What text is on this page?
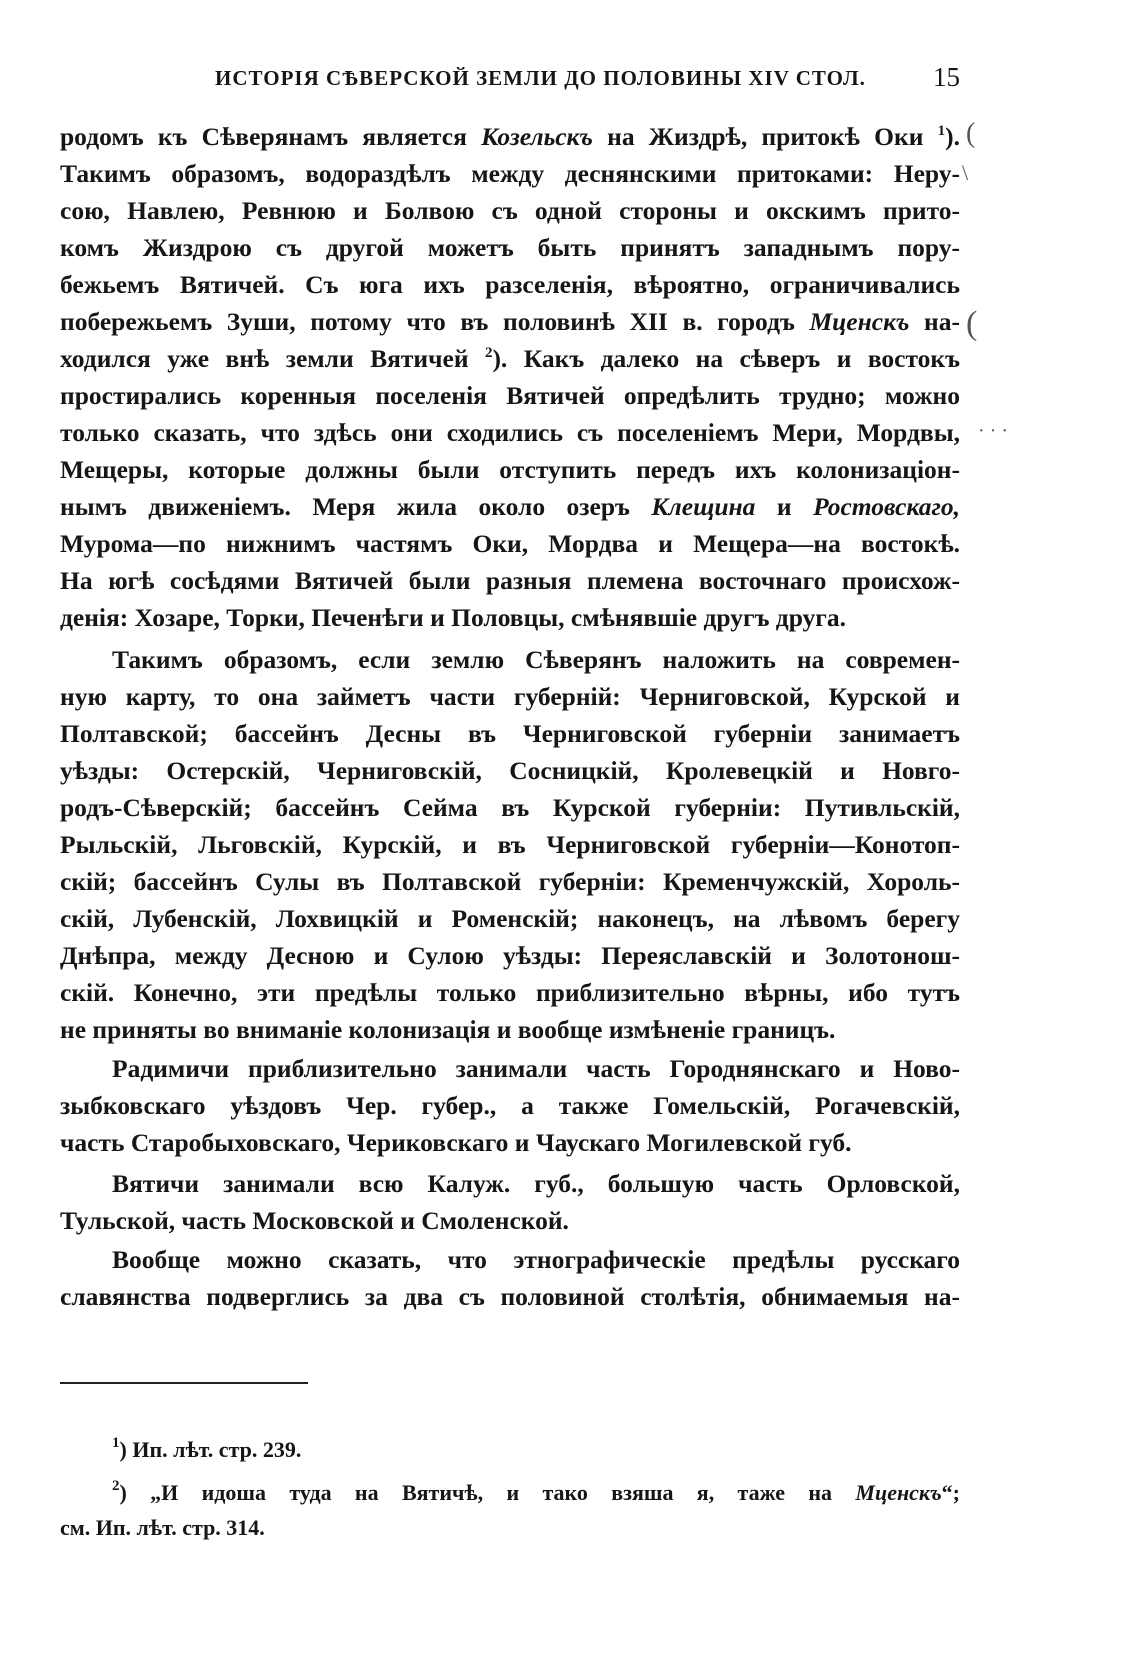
ИСТОРІЯ СѢВЕРСКОЙ ЗЕМЛИ ДО ПОЛОВИНЫ XIV СТОЛ. 15
родомъ къ Сѣверянамъ является Козельскъ на Жиздрѣ, притокѣ Оки $^1$).
Такимъ образомъ, водораздѣлъ между деснянскими притоками: Неру-
сою, Навлею, Ревнюю и Болвою съ одной стороны и окскимъ прито-
комъ Жиздрою съ другой можетъ быть принятъ западнымъ пору-
бежьемъ Вятичей. Съ юга ихъ разселенія, вѣроятно, ограничивались
побережьемъ Зуши, потому что въ половинѣ XII в. городъ Мценскъ на-
ходился уже внѣ земли Вятичей $^2$). Какъ далеко на сѣверъ и востокъ
простирались коренныя поселенія Вятичей опредѣлить трудно; можно
только сказать, что здѣсь они сходились съ поселеніемъ Мери, Мордвы,
Мещеры, которые должны были отступить передъ ихъ колонизаціон-
нымъ движеніемъ. Меря жила около озеръ Клещина и Ростовскаго,
Мурома—по нижнимъ частямъ Оки, Мордва и Мещера—на востокѣ.
На югѣ сосѣдями Вятичей были разныя племена восточнаго происхож-
денія: Хозаре, Торки, Печенѣги и Половцы, смѣнявшіе другъ друга.
Такимъ образомъ, если землю Сѣверянъ наложить на современ-
ную карту, то она займетъ части губерній: Черниговской, Курской и
Полтавской; бассейнъ Десны въ Черниговской губерніи занимаетъ
уѣзды: Остерскій, Черниговскій, Сосницкій, Кролевецкій и Новго-
родъ-Сѣверскій; бассейнъ Сейма въ Курской губерніи: Путивльскій,
Рыльскій, Льговскій, Курскій, и въ Черниговской губерніи—Конотоп-
скій; бассейнъ Сулы въ Полтавской губерніи: Кременчужскій, Хороль-
скій, Лубенскій, Лохвицкій и Роменскій; наконецъ, на лѣвомъ берегу
Днѣпра, между Десною и Сулою уѣзды: Переяславскій и Золотонош-
скій. Конечно, эти предѣлы только приблизительно вѣрны, ибо тутъ
не приняты во вниманіе колонизація и вообще измѣненіе границъ.
Радимичи приблизительно занимали часть Городнянскаго и Ново-
зыбковскаго уѣздовъ Чер. губер., а также Гомельскій, Рогачевскій,
часть Старобыховскаго, Чериковскаго и Чаускаго Могилевской губ.
Вятичи занимали всю Калуж. губ., большую часть Орловской,
Тульской, часть Московской и Смоленской.
Вообще можно сказать, что этнографическіе предѣлы русскаго
славянства подверглись за два съ половиной столѣтія, обнимаемыя на-
$^1$) Ип. лѣт. стр. 239.
$^2$) „И идоша туда на Вятичѣ, и тако взяша я, таже на Мценскъ“;
см. Ип. лѣт. стр. 314.
(
\
(
· · ·
